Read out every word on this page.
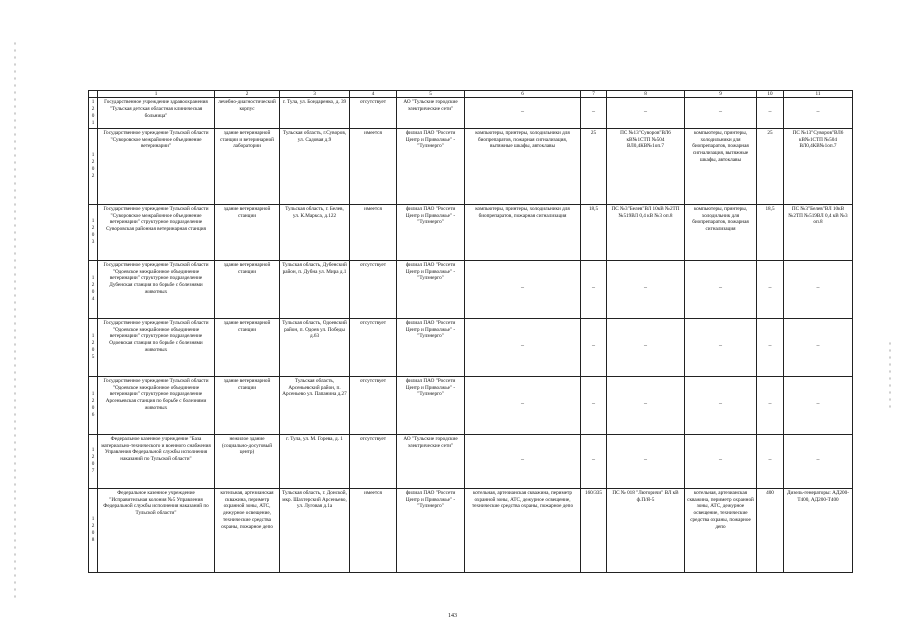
	1	2	3	4	5	6	7	8	9	10	11
1201	Государственное учреждение здравоохранения "Тульская детская областная клиническая больница"	лечебно-диагностический корпус	г. Тула, ул. Бондаренко, д. 39	отсутствует	АО "Тульские городские электрические сети"	–	–	–	–	–	–
1202	Государственное учреждение Тульской области "Суворовское межрайонное объединение ветеринарии"	здание ветеринарной станции и ветеринарной лаборатории	Тульская область, г.Суворов, ул. Садовая д.9	имеется	филиал ПАО "Россети Центр и Приволжье" - "Тулэнерго"	компьютеры, принтеры, холодильники для биопрепаратов, пожарная сигнализация, вытяжные шкафы, автоклавы	25	ПС №13"Суворов"ВЛ6 кВ№1СТП №504 ВЛ0,4КВ№1оп.7	компьютеры, принтеры, холодильники для биопрепаратов, пожарная сигнализация, вытяжные шкафы, автоклавы	25	ПС №13"Суворов"ВЛ6 кВ№1СТП №504 ВЛ0,4КВ№1оп.7
1203	Государственное учреждение Тульской области "Суворовское межрайонное объединение ветеринарии" структурное подразделение Суворовская районная ветеринарная станция	здание ветеринарной станции	Тульская область, г. Белев, ул. К.Маркса, д.122	имеется	филиал ПАО "Россети Центр и Приволжье" - "Тулэнерго"	компьютеры, принтеры, холодильники для биопрепаратов, пожарная сигнализация	18,5	ПС №3"Белев"ВЛ 10кВ №2ТП №519ВЛ 0,4 кВ №3 оп.8	компьютеры, принтеры, холодильник для биопрепаратов, пожарная сигнализация	18,5	ПС №3"Белев"ВЛ 10кВ №2ТП №519ВЛ 0,4 кВ №3 оп.8
1204	Государственное учреждение Тульской области "Одоевское межрайонное объединение ветеринарии" структурное подразделение Дубенская станция по борьбе с болезнями животных	здание ветеринарной станции	Тульская область, Дубенский район, п. Дубна ул. Мира д.1	отсутствует	филиал ПАО "Россети Центр и Приволжье" - "Тулэнерго"	–	–	–	–	–	–
1205	Государственное учреждение Тульской области "Одоевское межрайонное объединение ветеринарии" структурное подразделение Одоевская станция по борьбе с болезнями животных	здание ветеринарной станции	Тульская область, Одоевский район, п. Одоев ул. Победы д.63	отсутствует	филиал ПАО "Россети Центр и Приволжье" - "Тулэнерго"	–	–	–	–	–	–
1206	Государственное учреждение Тульской области "Одоевское межрайонное объединение ветеринарии" структурное подразделение Арсеньевская станция по борьбе с болезнями животных	здание ветеринарной станции	Тульская область, Арсеньевский район, п. Арсеньево ул. Папанина д.27	отсутствует	филиал ПАО "Россети Центр и Приволжье" - "Тулэнерго"	–	–	–	–	–	–
1207	Федеральное казенное учреждение "База материально-технического и военного снабжения Управления Федеральной службы исполнения наказаний по Тульской области"	нежилое здание (социально-досуговый центр)	г. Тула, ул. М. Горева, д. 1	отсутствует	АО "Тульские городские электрические сети"	–	–	–	–	–	–
1208	Федеральное казенное учреждение "Исправительная колония №5 Управления Федеральной службы исполнения наказаний по Тульской области"	котельная, артезианская скважина, периметр охранной зоны, АТС, дежурное освещение, технические средства охраны, пожарное депо	Тульская область, г. Донской, мкр. Шахтерский Арсеньево, ул. Луговая д.1а	имеется	филиал ПАО "Россети Центр и Приволжье" - "Тулэнерго"	котельная, артезианская скважина, периметр охранной зоны, АТС, дежурное освещение, технические средства охраны, пожарное депо	160/335	ПС № 018 "Люторичи" ВЛ кВ ф.П/Я-5	котельная, артезианская скважина, периметр охранной зоны, АТС, дежурное освещение, технические средства охраны, пожарное депо	400	Дизель-генераторы: АД200-Т400, АД200-Т400
143
